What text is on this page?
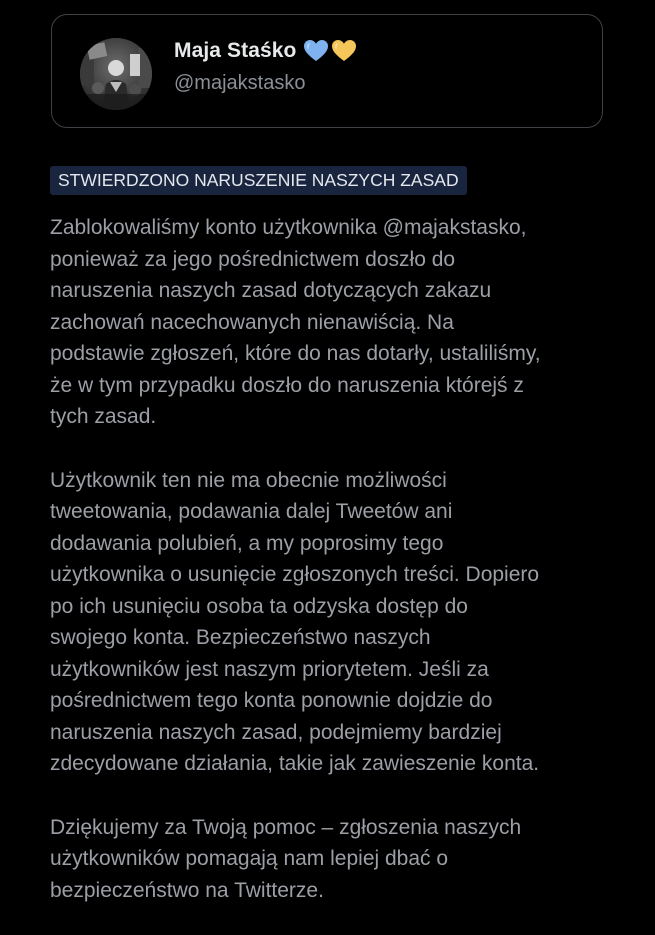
Maja Staśko
@majakstasko
STWIERDZONO NARUSZENIE NASZYCH ZASAD

Zablokowaliśmy konto użytkownika @majakstasko,
ponieważ za jego pośrednictwem doszło do
naruszenia naszych zasad dotyczących zakazu
zachowań nacechowanych nienawiścią. Na
podstawie zgłoszeń, które do nas dotarły, ustaliliśmy,
że w tym przypadku doszło do naruszenia którejś z
tych zasad.

Użytkownik ten nie ma obecnie możliwości
tweetowania, podawania dalej Tweetów ani
dodawania polubień, a my poprosimy tego
użytkownika o usunięcie zgłoszonych treści. Dopiero
po ich usunięciu osoba ta odzyska dostęp do
swojego konta. Bezpieczeństwo naszych
użytkowników jest naszym priorytetem. Jeśli za
pośrednictwem tego konta ponownie dojdzie do
naruszenia naszych zasad, podejmiemy bardziej
zdecydowane działania, takie jak zawieszenie konta.

Dziękujemy za Twoją pomoc – zgłoszenia naszych
użytkowników pomagają nam lepiej dbać o
bezpieczeństwo na Twitterze.
